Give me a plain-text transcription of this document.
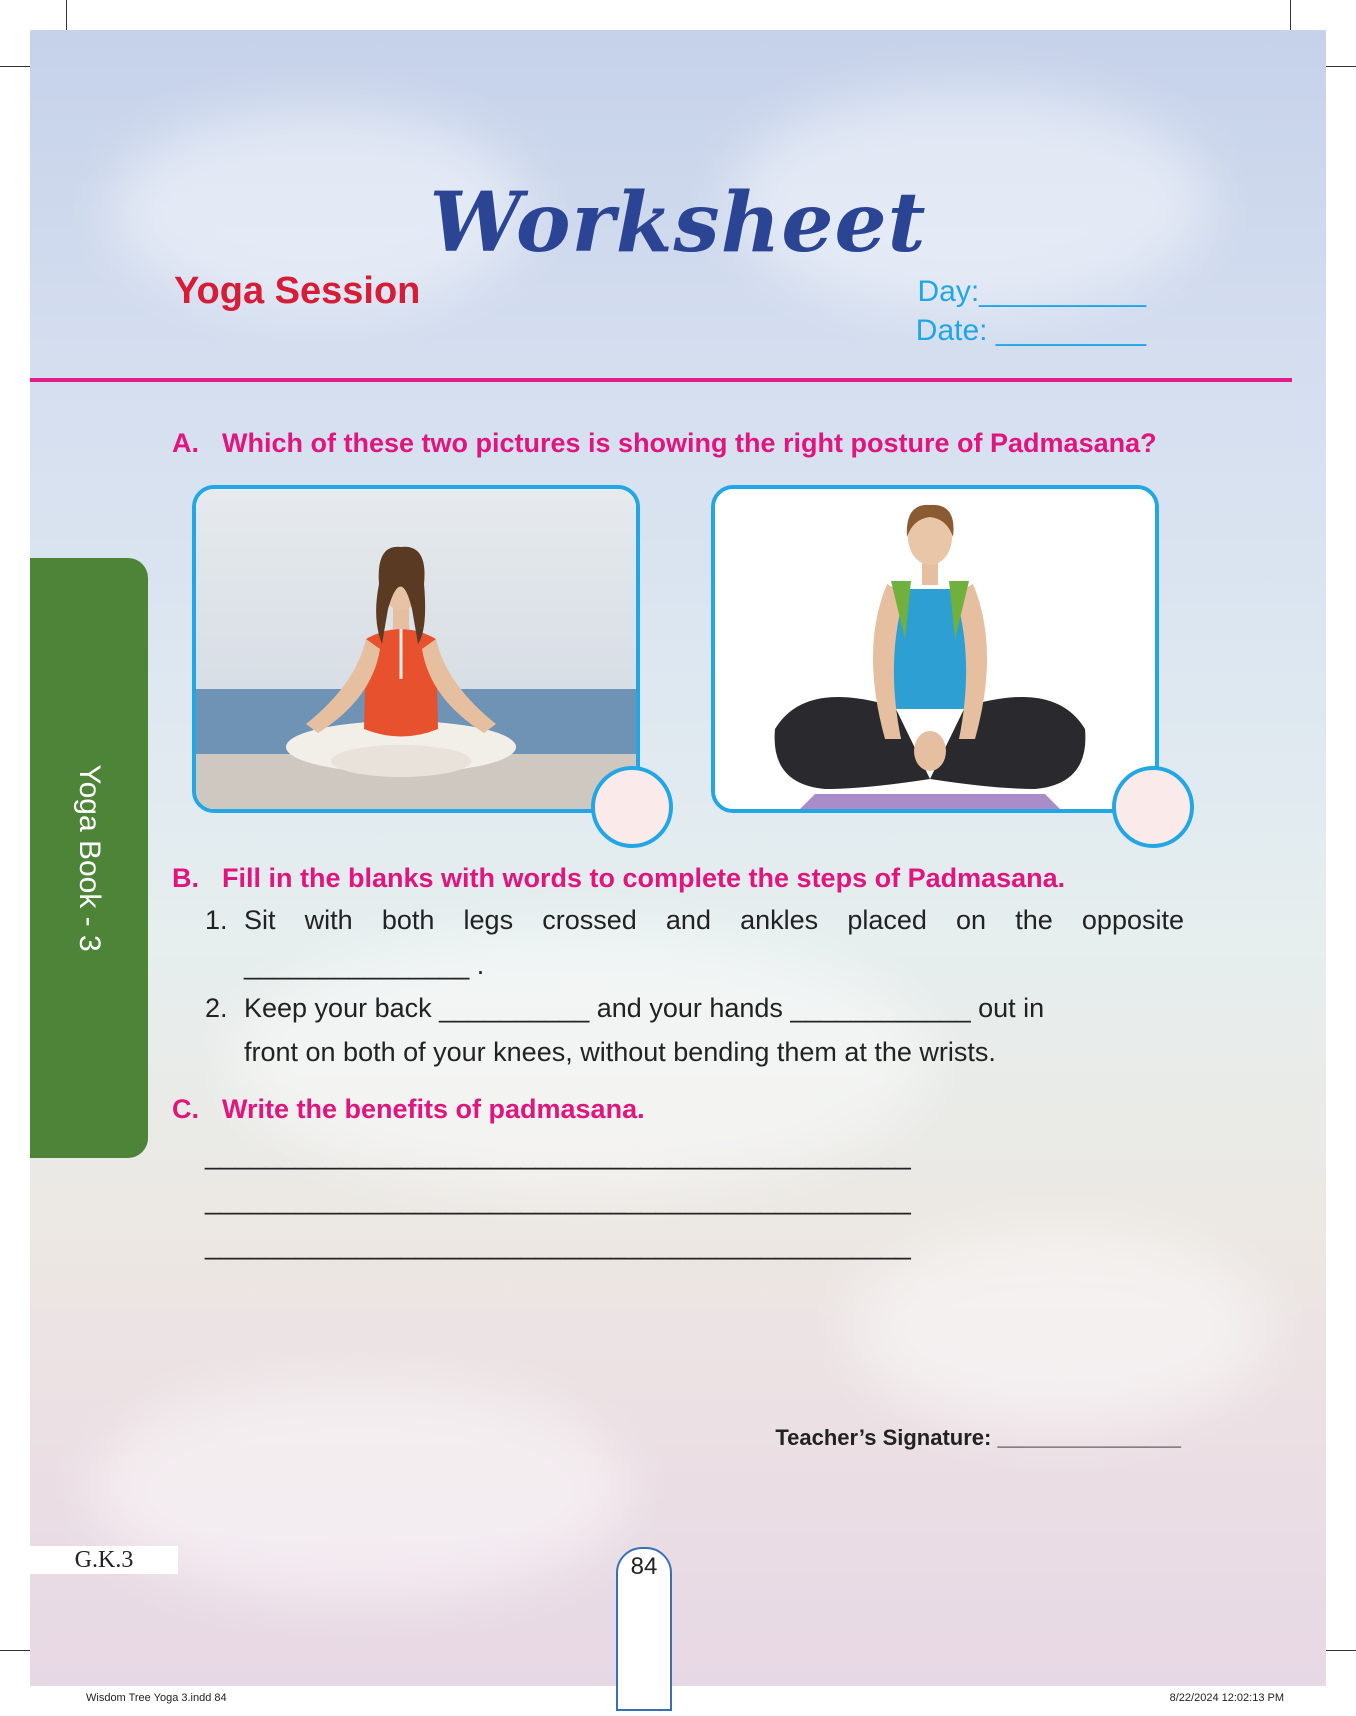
Worksheet
Yoga Session	Day:__________
Date: _________

A. Which of these two pictures is showing the right posture of Padmasana?

Yoga Book - 3 B. Fill in the blanks with words to complete the steps of Padmasana.

1. Sit with both legs crossed and ankles placed on the opposite
_______________ .
2. Keep your back __________ and your hands ____________ out in
front on both of your knees, without bending them at the wrists.

C. Write the benefits of padmasana.

_______________________________________________
_______________________________________________
_______________________________________________
Teacher’s Signature: _______________
G.K.3	84
Wisdom Tree Yoga 3.indd 84	8/22/2024 12:02:13 PM
